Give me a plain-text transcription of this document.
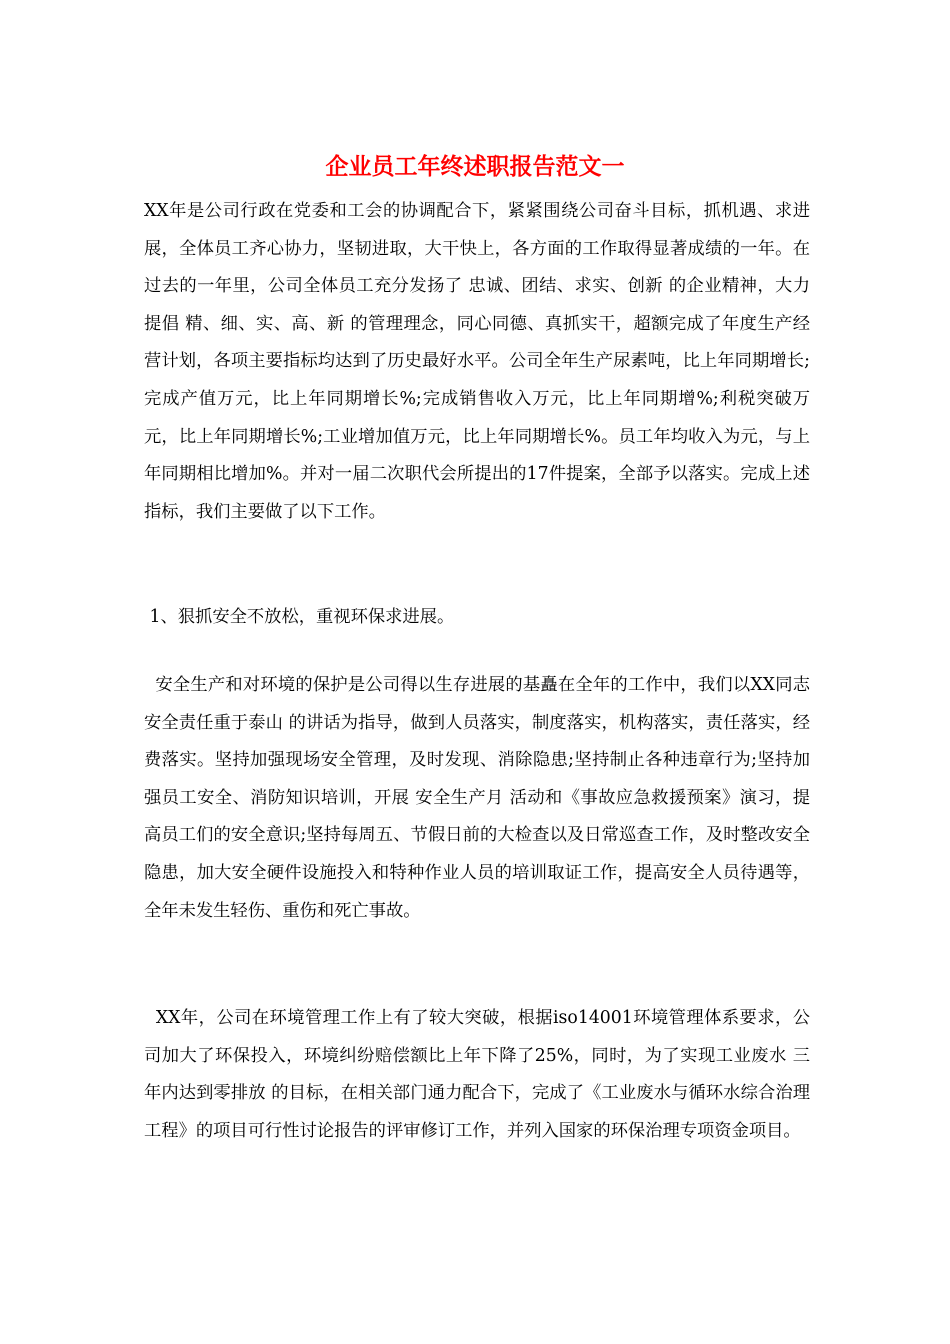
企业员工年终述职报告范文一

XX年是公司行政在党委和工会的协调配合下，紧紧围绕公司奋斗目标，抓机遇、求进展，全体员工齐心协力，坚韧进取，大干快上，各方面的工作取得显著成绩的一年。在过去的一年里，公司全体员工充分发扬了 忠诚、团结、求实、创新 的企业精神，大力提倡 精、细、实、高、新 的管理理念，同心同德、真抓实干，超额完成了年度生产经营计划，各项主要指标均达到了历史最好水平。公司全年生产尿素吨，比上年同期增长;完成产值万元，比上年同期增长%;完成销售收入万元，比上年同期增%;利税突破万元，比上年同期增长%;工业增加值万元，比上年同期增长%。员工年均收入为元，与上年同期相比增加%。并对一届二次职代会所提出的17件提案，全部予以落实。完成上述指标，我们主要做了以下工作。

1、狠抓安全不放松，重视环保求进展。

安全生产和对环境的保护是公司得以生存进展的基矗在全年的工作中，我们以XX同志 安全责任重于泰山 的讲话为指导，做到人员落实，制度落实，机构落实，责任落实，经费落实。坚持加强现场安全管理，及时发现、消除隐患;坚持制止各种违章行为;坚持加强员工安全、消防知识培训，开展 安全生产月 活动和《事故应急救援预案》演习，提高员工们的安全意识;坚持每周五、节假日前的大检查以及日常巡查工作，及时整改安全隐患，加大安全硬件设施投入和特种作业人员的培训取证工作，提高安全人员待遇等，全年未发生轻伤、重伤和死亡事故。

XX年，公司在环境管理工作上有了较大突破，根据iso14001环境管理体系要求，公司加大了环保投入，环境纠纷赔偿额比上年下降了25%，同时，为了实现工业废水 三年内达到零排放 的目标，在相关部门通力配合下，完成了《工业废水与循环水综合治理工程》的项目可行性讨论报告的评审修订工作，并列入国家的环保治理专项资金项目。
